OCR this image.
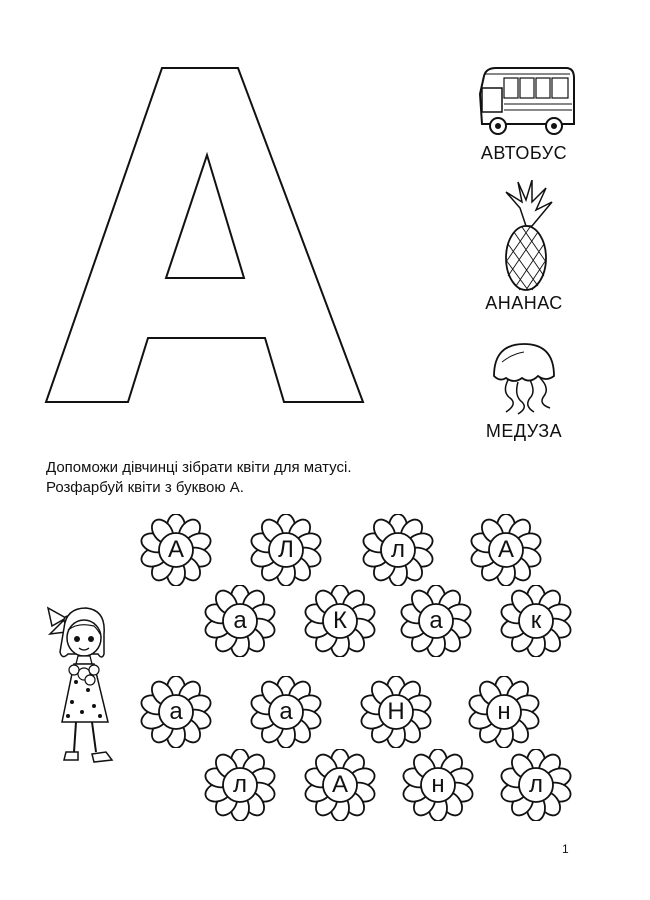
АВТОБУС
АНАНАС
МЕДУЗА
Допоможи дівчинці зібрати квіти для матусі.
Розфарбуй квіти з буквою А.
А	Л	л	А
а	К	а	к
а	а	Н	н
л	А	н	л
1
